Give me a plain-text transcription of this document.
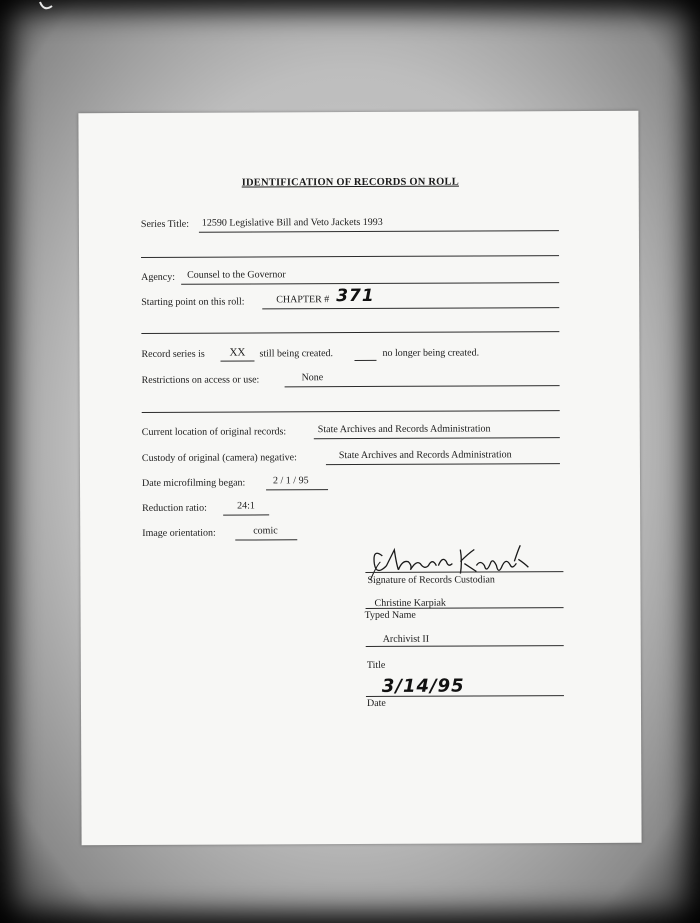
IDENTIFICATION OF RECORDS ON ROLL
Series Title: 12590 Legislative Bill and Veto Jackets 1993
Agency: Counsel to the Governor
Starting point on this roll:	CHAPTER # 371
Record series is XX still being created.	no longer being created.
Restrictions on access or use:	None
Current location of original records:	State Archives and Records Administration
Custody of original (camera) negative:	State Archives and Records Administration
Date microfilming began:	2 / 1 / 95
Reduction ratio:	24:1
Image orientation:	comic
Signature of Records Custodian
Christine Karpiak
Typed Name
Archivist II
Title
3/14/95
Date
